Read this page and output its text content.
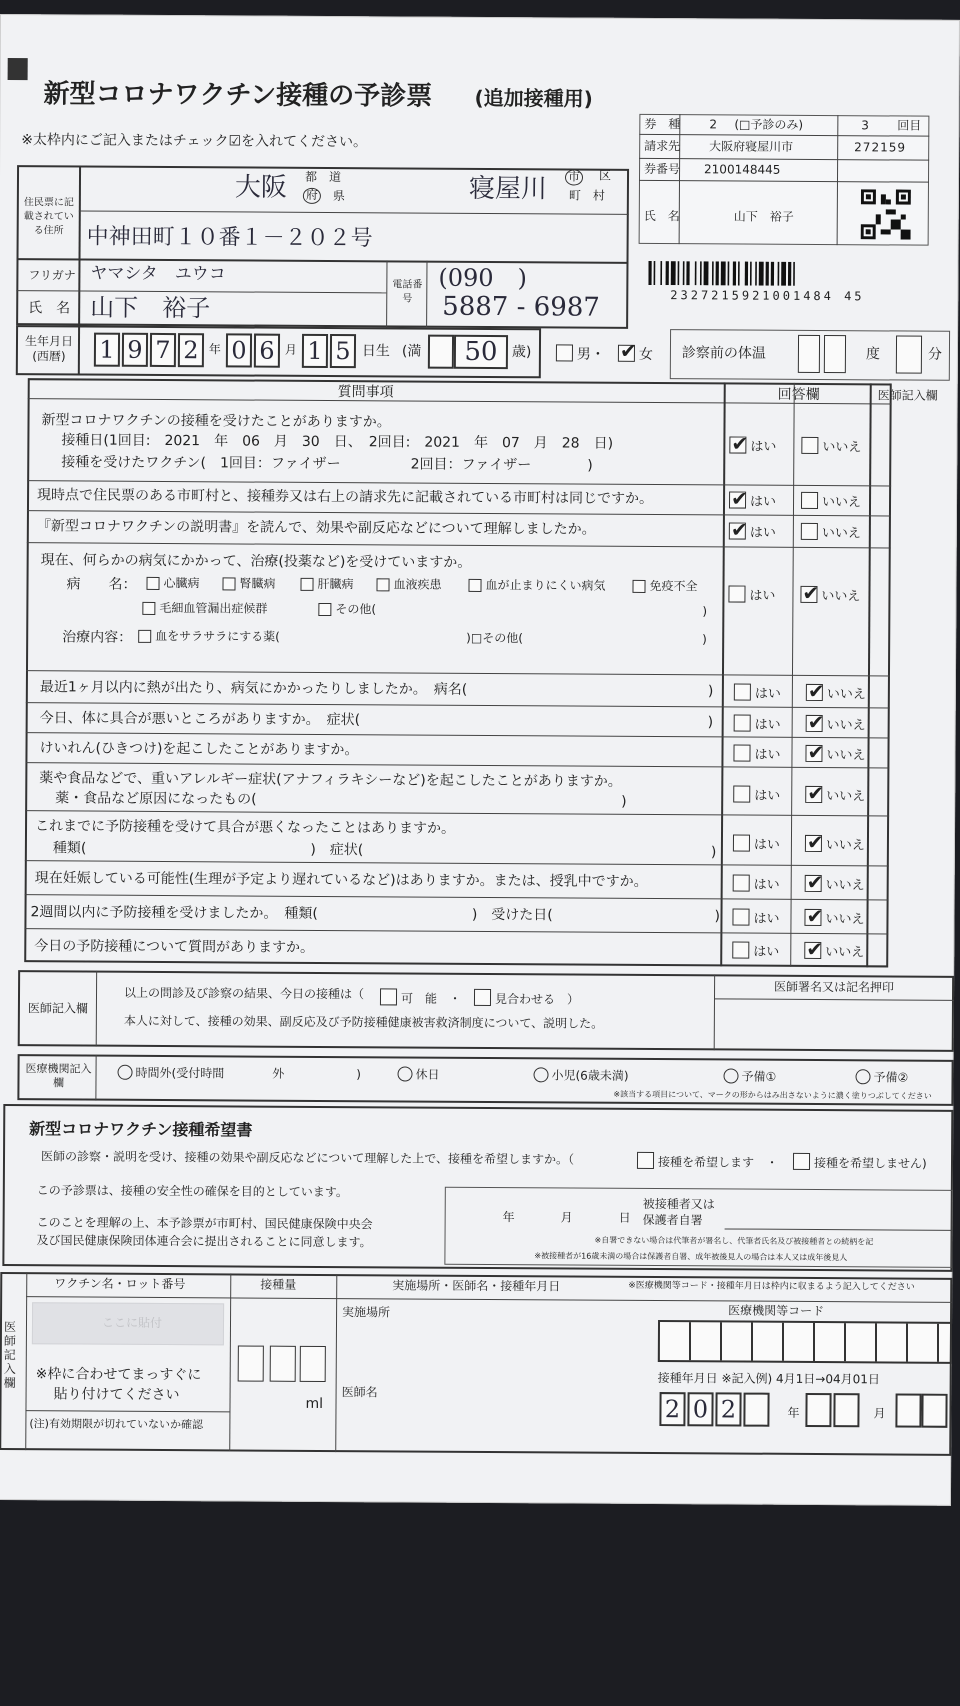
新型コロナワクチン接種の予診票 (追加接種用)
※太枠内にご記入またはチェック☑を入れてください。
券　種 2 (□予診のみ)	3 回目
請求先 大阪府寝屋川市	272159
券番号 2100148445
氏　名	山下　裕子
2327215921001484 45
住民票に記載されている住所
大阪 都　道
府 県	寝屋川 市 区
町　村
中神田町１０番１－２０２号
フリガナ ヤマシタ　ユウコ
氏　名 山下　裕子
電話番号
(090　)
5887 - 6987
生年月日(西暦)	1 9 7 2 年 0 6 月 1 5 日生 (満	50	歳)	男・ ✔	女 診察前の体温	度	分
質問事項	回答欄	医師記入欄
新型コロナワクチンの接種を受けたことがありますか。
接種日(1回目:　2021　年　06　月　30　日、　2回目:　2021　年　07　月　28　日)
接種を受けたワクチン(　1回目：ファイザー　　　　　2回目：ファイザー　　　　)
✔はい	いいえ
現時点で住民票のある市町村と、接種券又は右上の請求先に記載されている市町村は同じですか。 ✔	はい	いいえ
『新型コロナワクチンの説明書』を読んで、効果や副反応などについて理解しましたか。 ✔	はい	いいえ
現在、何らかの病気にかかって、治療(投薬など)を受けていますか。
病　　名：	心臓病	腎臓病	肝臓病	血液疾患	血が止まりにくい病気	免疫不全
毛細血管漏出症候群	その他(	)
治療内容：	血をサラサラにする薬(	)□その他(	)
はい ✔	いいえ
最近1ヶ月以内に熱が出たり、病気にかかったりしましたか。　病名(	)	はい ✔	いいえ
今日、体に具合が悪いところがありますか。　症状(	)	はい ✔	いいえ
けいれん(ひきつけ)を起こしたことがありますか。	はい ✔	いいえ
薬や食品などで、重いアレルギー症状(アナフィラキシーなど)を起こしたことがありますか。
薬・食品など原因になったもの(	)	はい ✔	いいえ
これまでに予防接種を受けて具合が悪くなったことはありますか。
種類(　　　　　　　　　　　　　　　　)　症状(	)	はい ✔	いいえ
現在妊娠している可能性(生理が予定より遅れているなど)はありますか。または、授乳中ですか。	はい ✔	いいえ
2週間以内に予防接種を受けましたか。　種類(　　　　　　　　　　　)　受けた日(	)	はい ✔	いいえ
今日の予防接種について質問がありますか。	はい ✔	いいえ
医師記入欄
以上の問診及び診察の結果、今日の接種は（	可　能　・	見合わせる　）
本人に対して、接種の効果、副反応及び予防接種健康被害救済制度について、説明した。
医師署名又は記名押印
医療機関記入欄
時間外(受付時間　　　　外　　　　　　)	休日	小児(6歳未満)	予備①	予備②
※該当する項目について、マークの形からはみ出さないように濃く塗りつぶしてください
新型コロナワクチン接種希望書
医師の診察・説明を受け、接種の効果や副反応などについて理解した上で、接種を希望しますか。（	接種を希望します　・	接種を希望しません)
この予診票は、接種の安全性の確保を目的としています。
このことを理解の上、本予診票が市町村、国民健康保険中央会
及び国民健康保険団体連合会に提出されることに同意します。
年	月	日
被接種者又は保護者自署
※自署できない場合は代筆者が署名し、代筆者氏名及び被接種者との続柄を記
※被接種者が16歳未満の場合は保護者自署、成年被後見人の場合は本人又は成年後見人
医師記入欄
ワクチン名・ロット番号	接種量	実施場所・医師名・接種年月日	※医療機関等コード・接種年月日は枠内に収まるよう記入してください
ここに貼付
※枠に合わせてまっすぐに
貼り付けてください
(注)有効期限が切れていないか確認
ml
実施場所
医師名
医療機関等コード
接種年月日 ※記入例) 4月1日→04月01日
2 0 2	年	月
